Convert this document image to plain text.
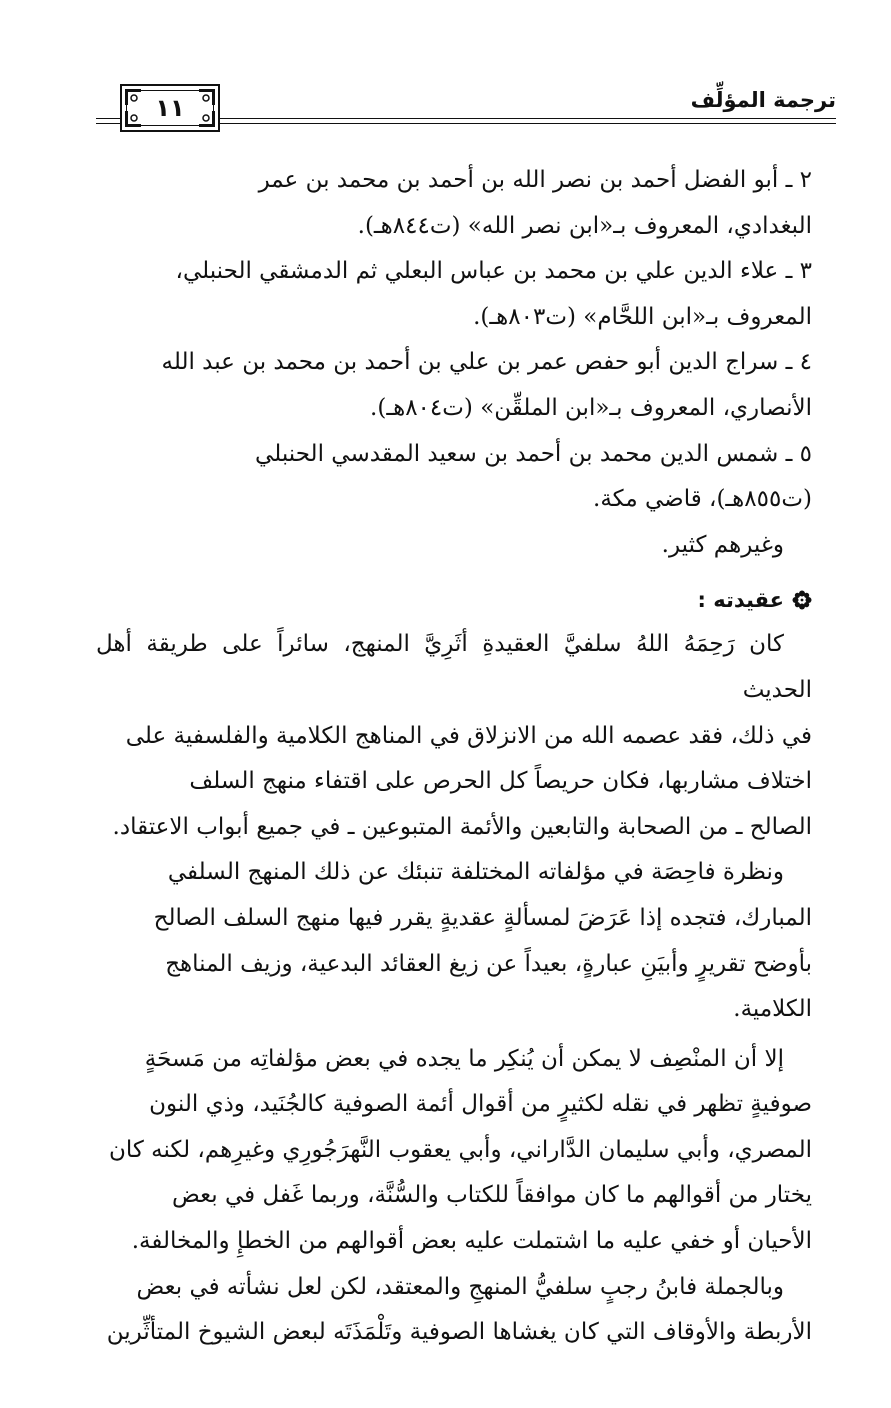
ترجمة المؤلِّف
١١

٢ ـ أبو الفضل أحمد بن نصر الله بن أحمد بن محمد بن عمر

البغدادي، المعروف بـ«ابن نصر الله» (ت٨٤٤هـ).

٣ ـ علاء الدين علي بن محمد بن عباس البعلي ثم الدمشقي الحنبلي،

المعروف بـ«ابن اللحَّام» (ت٨٠٣هـ).

٤ ـ سراج الدين أبو حفص عمر بن علي بن أحمد بن محمد بن عبد الله

الأنصاري، المعروف بـ«ابن الملقِّن» (ت٨٠٤هـ).

٥ ـ شمس الدين محمد بن أحمد بن سعيد المقدسي الحنبلي

(ت٨٥٥هـ)، قاضي مكة.

وغيرهم كثير.

عقيدته :

كان رَحِمَهُ اللهُ سلفيَّ العقيدةِ أثَرِيَّ المنهج، سائراً على طريقة أهل الحديث

في ذلك، فقد عصمه الله من الانزلاق في المناهج الكلامية والفلسفية على

اختلاف مشاربها، فكان حريصاً كل الحرص على اقتفاء منهج السلف

الصالح ـ من الصحابة والتابعين والأئمة المتبوعين ـ في جميع أبواب الاعتقاد.

ونظرة فاحِصَة في مؤلفاته المختلفة تنبئك عن ذلك المنهج السلفي

المبارك، فتجده إذا عَرَضَ لمسألةٍ عقديةٍ يقرر فيها منهج السلف الصالح

بأوضح تقريرٍ وأبيَنِ عبارةٍ، بعيداً عن زيغ العقائد البدعية، وزيف المناهج

الكلامية.

إلا أن المنْصِف لا يمكن أن يُنكِر ما يجده في بعض مؤلفاتِه من مَسحَةٍ

صوفيةٍ تظهر في نقله لكثيرٍ من أقوال أئمة الصوفية كالجُنَيد، وذي النون

المصري، وأبي سليمان الدَّاراني، وأبي يعقوب النَّهرَجُورِي وغيرِهم، لكنه كان

يختار من أقوالهم ما كان موافقاً للكتاب والسُّنَّة، وربما غَفل في بعض

الأحيان أو خفي عليه ما اشتملت عليه بعض أقوالهم من الخطإِ والمخالفة.

وبالجملة فابنُ رجبٍ سلفيُّ المنهجِ والمعتقد، لكن لعل نشأته في بعض

الأربطة والأوقاف التي كان يغشاها الصوفية وتَلْمَذَتَه لبعض الشيوخ المتأثِّرين
